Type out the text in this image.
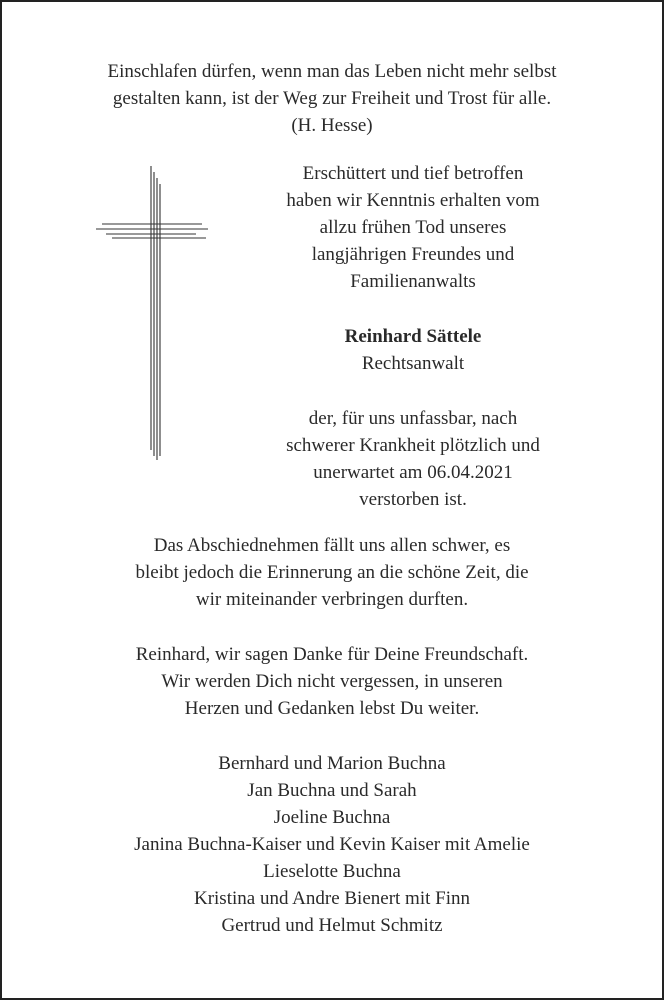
Einschlafen dürfen, wenn man das Leben nicht mehr selbst
gestalten kann, ist der Weg zur Freiheit und Trost für alle.
(H. Hesse)
Erschüttert und tief betroffen
haben wir Kenntnis erhalten vom
allzu frühen Tod unseres
langjährigen Freundes und
Familienanwalts
Reinhard Sättele
Rechtsanwalt
der, für uns unfassbar, nach
schwerer Krankheit plötzlich und
unerwartet am 06.04.2021
verstorben ist.
Das Abschiednehmen fällt uns allen schwer, es
bleibt jedoch die Erinnerung an die schöne Zeit, die
wir miteinander verbringen durften.
Reinhard, wir sagen Danke für Deine Freundschaft.
Wir werden Dich nicht vergessen, in unseren
Herzen und Gedanken lebst Du weiter.
Bernhard und Marion Buchna
Jan Buchna und Sarah
Joeline Buchna
Janina Buchna-Kaiser und Kevin Kaiser mit Amelie
Lieselotte Buchna
Kristina und Andre Bienert mit Finn
Gertrud und Helmut Schmitz
